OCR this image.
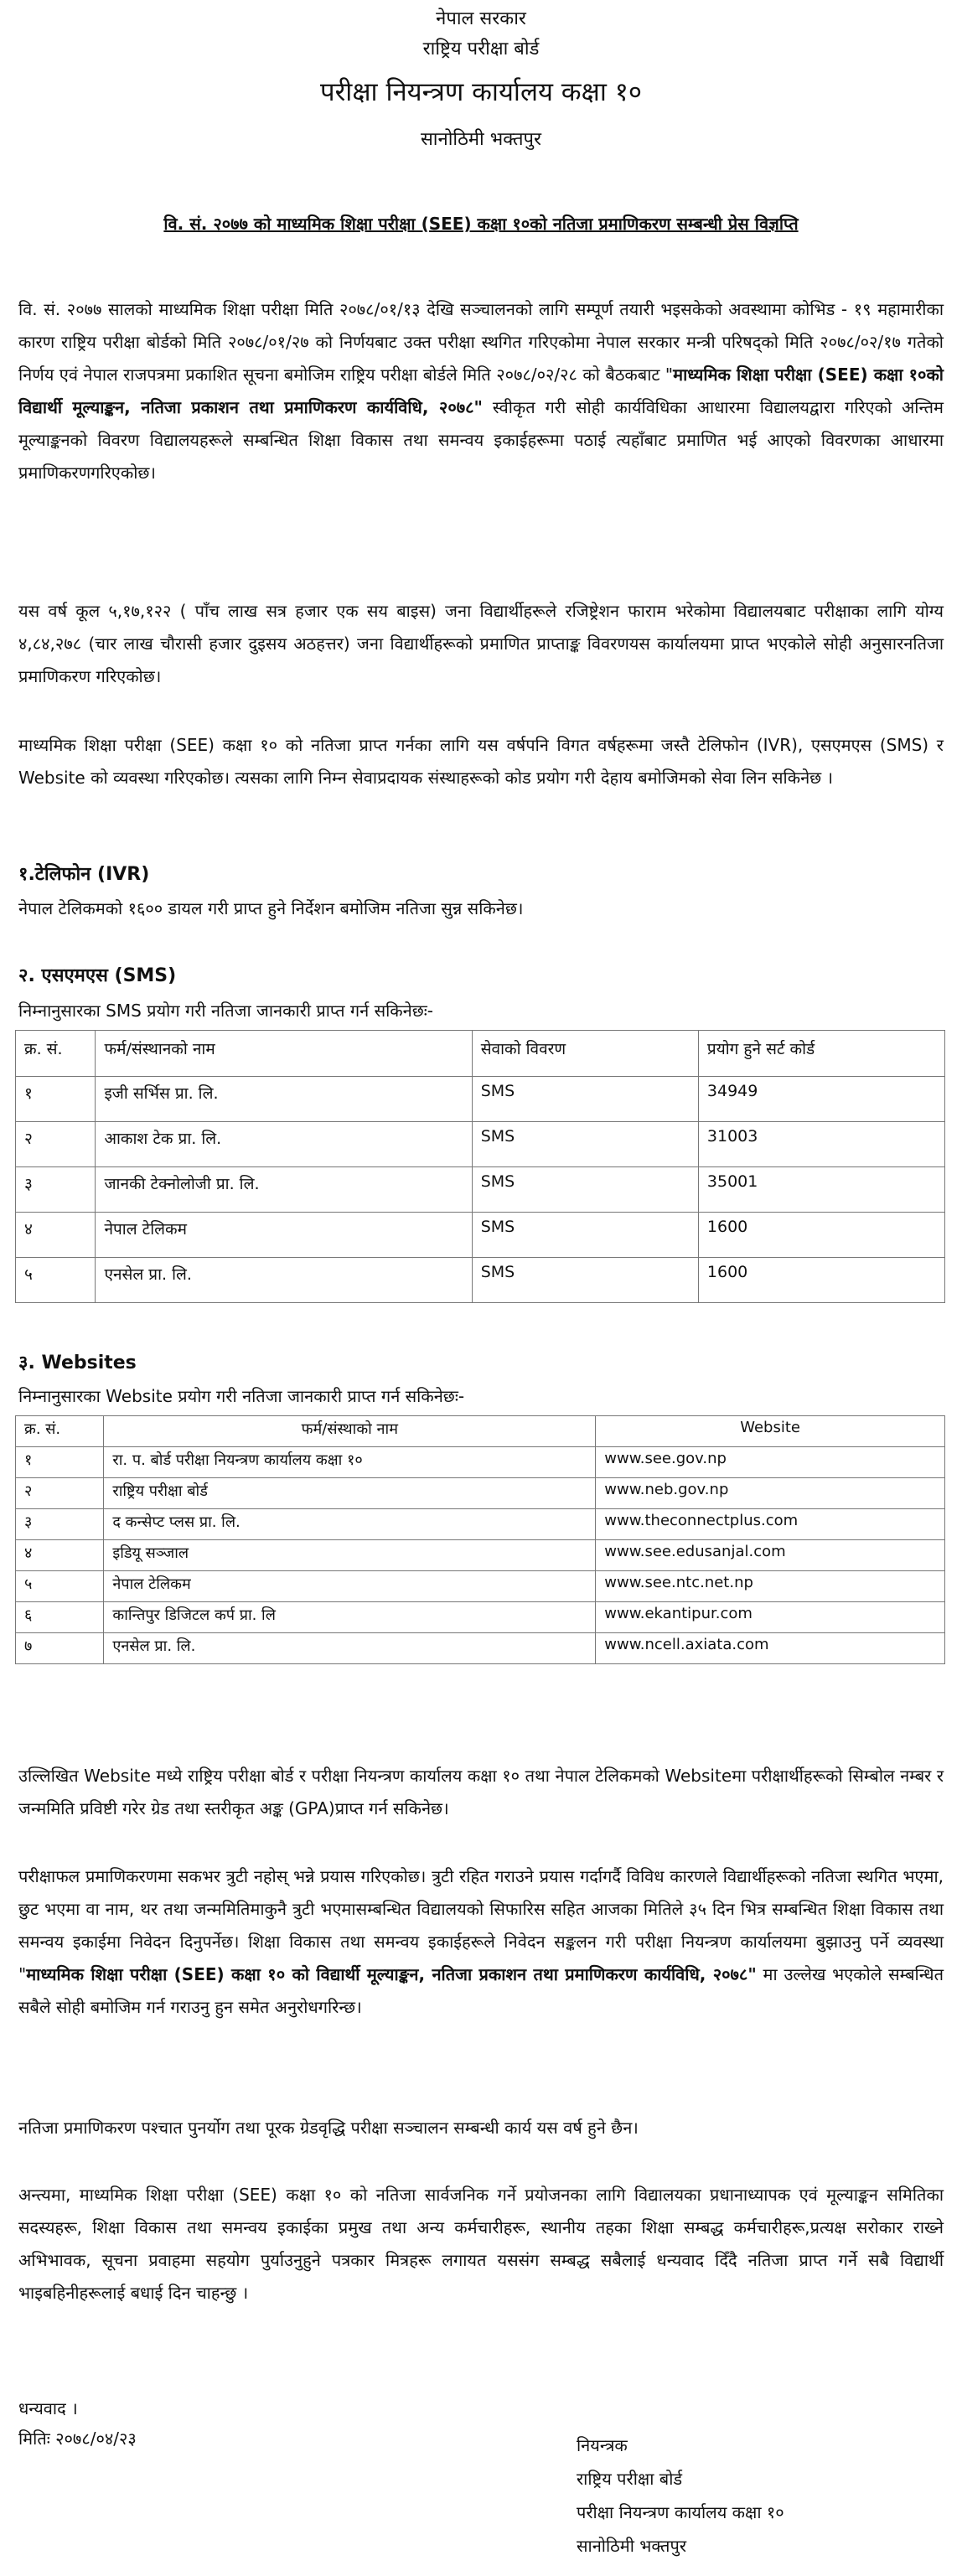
नेपाल सरकार
राष्ट्रिय परीक्षा बोर्ड
परीक्षा नियन्त्रण कार्यालय कक्षा १०
सानोठिमी भक्तपुर
वि. सं. २०७७ को माध्यमिक शिक्षा परीक्षा (SEE) कक्षा १०को नतिजा प्रमाणिकरण सम्बन्धी प्रेस विज्ञप्ति

वि. सं. २०७७ सालको माध्यमिक शिक्षा परीक्षा मिति २०७८/०१/१३ देखि सञ्चालनको लागि सम्पूर्ण तयारी भइसकेको अवस्थामा कोभिड - १९ महामारीका कारण राष्ट्रिय परीक्षा बोर्डको मिति २०७८/०१/२७ को निर्णयबाट उक्त परीक्षा स्थगित गरिएकोमा नेपाल सरकार मन्त्री परिषद्को मिति २०७८/०२/१७ गतेको निर्णय एवं नेपाल राजपत्रमा प्रकाशित सूचना बमोजिम राष्ट्रिय परीक्षा बोर्डले मिति २०७८/०२/२८ को बैठकबाट "माध्यमिक शिक्षा परीक्षा (SEE) कक्षा १०को विद्यार्थी मूल्याङ्कन, नतिजा प्रकाशन तथा प्रमाणिकरण कार्यविधि, २०७८" स्वीकृत गरी सोही कार्यविधिका आधारमा विद्यालयद्वारा गरिएको अन्तिम मूल्याङ्कनको विवरण विद्यालयहरूले सम्बन्धित शिक्षा विकास तथा समन्वय इकाईहरूमा पठाई त्यहाँबाट प्रमाणित भई आएको विवरणका आधारमा प्रमाणिकरणगरिएकोछ।

यस वर्ष कूल ५,१७,१२२ ( पाँच लाख सत्र हजार एक सय बाइस) जना विद्यार्थीहरूले रजिष्ट्रेशन फाराम भरेकोमा विद्यालयबाट परीक्षाका लागि योग्य ४,८४,२७८ (चार लाख चौरासी हजार दुइसय अठहत्तर) जना विद्यार्थीहरूको प्रमाणित प्राप्ताङ्क विवरणयस कार्यालयमा प्राप्त भएकोले सोही अनुसारनतिजा प्रमाणिकरण गरिएकोछ।

माध्यमिक शिक्षा परीक्षा (SEE) कक्षा १० को नतिजा प्राप्त गर्नका लागि यस वर्षपनि विगत वर्षहरूमा जस्तै टेलिफोन (IVR), एसएमएस (SMS) र Website को व्यवस्था गरिएकोछ। त्यसका लागि निम्न सेवाप्रदायक संस्थाहरूको कोड प्रयोग गरी देहाय बमोजिमको सेवा लिन सकिनेछ ।

१.टेलिफोन (IVR)
नेपाल टेलिकमको १६०० डायल गरी प्राप्त हुने निर्देशन बमोजिम नतिजा सुन्न सकिनेछ।
२. एसएमएस (SMS)
निम्नानुसारका SMS प्रयोग गरी नतिजा जानकारी प्राप्त गर्न सकिनेछः-
क्र. सं.	फर्म/संस्थानको नाम	सेवाको विवरण	प्रयोग हुने सर्ट कोर्ड
१	इजी सर्भिस प्रा. लि.	SMS	34949
२	आकाश टेक प्रा. लि.	SMS	31003
३	जानकी टेक्नोलोजी प्रा. लि.	SMS	35001
४	नेपाल टेलिकम	SMS	1600
५	एनसेल प्रा. लि.	SMS	1600
३. Websites
निम्नानुसारका Website प्रयोग गरी नतिजा जानकारी प्राप्त गर्न सकिनेछः-
क्र. सं.	फर्म/संस्थाको नाम	Website
१	रा. प. बोर्ड परीक्षा नियन्त्रण कार्यालय कक्षा १०	www.see.gov.np
२	राष्ट्रिय परीक्षा बोर्ड	www.neb.gov.np
३	द कन्सेप्ट प्लस प्रा. लि.	www.theconnectplus.com
४	इडियू सञ्जाल	www.see.edusanjal.com
५	नेपाल टेलिकम	www.see.ntc.net.np
६	कान्तिपुर डिजिटल कर्प प्रा. लि	www.ekantipur.com
७	एनसेल प्रा. लि.	www.ncell.axiata.com

उल्लिखित Website मध्ये राष्ट्रिय परीक्षा बोर्ड र परीक्षा नियन्त्रण कार्यालय कक्षा १० तथा नेपाल टेलिकमको Websiteमा परीक्षार्थीहरूको सिम्बोल नम्बर र जन्ममिति प्रविष्टी गरेर ग्रेड तथा स्तरीकृत अङ्क (GPA)प्राप्त गर्न सकिनेछ।

परीक्षाफल प्रमाणिकरणमा सकभर त्रुटी नहोस् भन्ने प्रयास गरिएकोछ। त्रुटी रहित गराउने प्रयास गर्दागर्दै विविध कारणले विद्यार्थीहरूको नतिजा स्थगित भएमा, छुट भएमा वा नाम, थर तथा जन्ममितिमाकुनै त्रुटी भएमासम्बन्धित विद्यालयको सिफारिस सहित आजका मितिले ३५ दिन भित्र सम्बन्धित शिक्षा विकास तथा समन्वय इकाईमा निवेदन दिनुपर्नेछ। शिक्षा विकास तथा समन्वय इकाईहरूले निवेदन सङ्कलन गरी परीक्षा नियन्त्रण कार्यालयमा बुझाउनु पर्ने व्यवस्था "माध्यमिक शिक्षा परीक्षा (SEE) कक्षा १० को विद्यार्थी मूल्याङ्कन, नतिजा प्रकाशन तथा प्रमाणिकरण कार्यविधि, २०७८" मा उल्लेख भएकोले सम्बन्धित सबैले सोही बमोजिम गर्न गराउनु हुन समेत अनुरोधगरिन्छ।

नतिजा प्रमाणिकरण पश्चात पुनर्योग तथा पूरक ग्रेडवृद्धि परीक्षा सञ्चालन सम्बन्धी कार्य यस वर्ष हुने छैन।

अन्त्यमा, माध्यमिक शिक्षा परीक्षा (SEE) कक्षा १० को नतिजा सार्वजनिक गर्ने प्रयोजनका लागि विद्यालयका प्रधानाध्यापक एवं मूल्याङ्कन समितिका सदस्यहरू, शिक्षा विकास तथा समन्वय इकाईका प्रमुख तथा अन्य कर्मचारीहरू, स्थानीय तहका शिक्षा सम्बद्ध कर्मचारीहरू,प्रत्यक्ष सरोकार राख्ने अभिभावक, सूचना प्रवाहमा सहयोग पुर्याउनुहुने पत्रकार मित्रहरू लगायत यससंग सम्बद्ध सबैलाई धन्यवाद दिँदै नतिजा प्राप्त गर्ने सबै विद्यार्थी भाइबहिनीहरूलाई बधाई दिन चाहन्छु ।

धन्यवाद ।
मितिः २०७८/०४/२३	नियन्त्रक
राष्ट्रिय परीक्षा बोर्ड
परीक्षा नियन्त्रण कार्यालय कक्षा १०
सानोठिमी भक्तपुर
